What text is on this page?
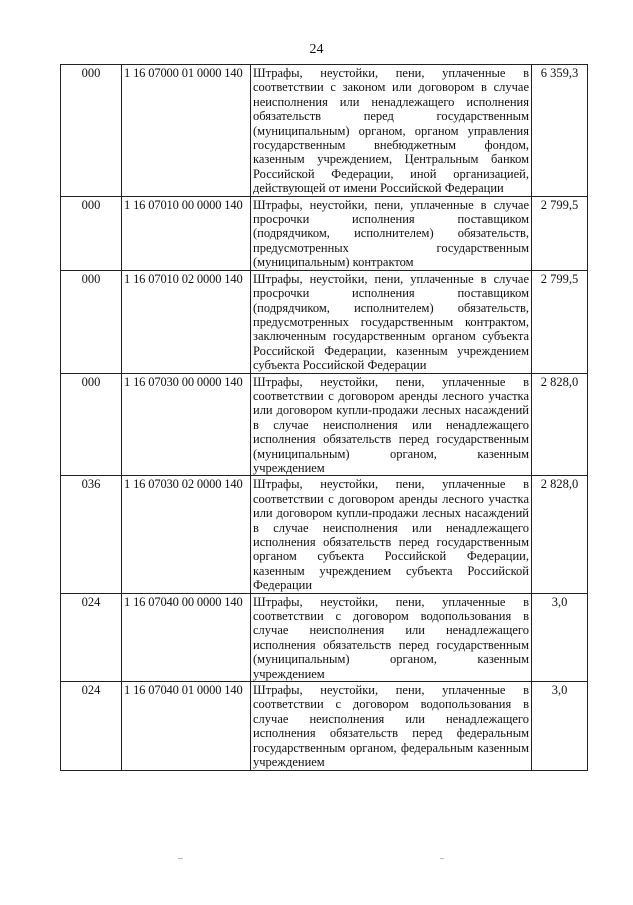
24
000	1 16 07000 01 0000 140	Штрафы, неустойки, пени, уплаченные в соответствии с законом или договором в случае неисполнения или ненадлежащего исполнения обязательств перед государственным (муниципальным) органом, органом управления государственным внебюджетным фондом, казенным учреждением, Центральным банком Российской Федерации, иной организацией, действующей от имени Российской Федерации	6 359,3
000	1 16 07010 00 0000 140	Штрафы, неустойки, пени, уплаченные в случае просрочки исполнения поставщиком (подрядчиком, исполнителем) обязательств, предусмотренных государственным (муниципальным) контрактом	2 799,5
000	1 16 07010 02 0000 140	Штрафы, неустойки, пени, уплаченные в случае просрочки исполнения поставщиком (подрядчиком, исполнителем) обязательств, предусмотренных государственным контрактом, заключенным государственным органом субъекта Российской Федерации, казенным учреждением субъекта Российской Федерации	2 799,5
000	1 16 07030 00 0000 140	Штрафы, неустойки, пени, уплаченные в соответствии с договором аренды лесного участка или договором купли-продажи лесных насаждений в случае неисполнения или ненадлежащего исполнения обязательств перед государственным (муниципальным) органом, казенным учреждением	2 828,0
036	1 16 07030 02 0000 140	Штрафы, неустойки, пени, уплаченные в соответствии с договором аренды лесного участка или договором купли-продажи лесных насаждений в случае неисполнения или ненадлежащего исполнения обязательств перед государственным органом субъекта Российской Федерации, казенным учреждением субъекта Российской Федерации	2 828,0
024	1 16 07040 00 0000 140	Штрафы, неустойки, пени, уплаченные в соответствии с договором водопользования в случае неисполнения или ненадлежащего исполнения обязательств перед государственным (муниципальным) органом, казенным учреждением	3,0
024	1 16 07040 01 0000 140	Штрафы, неустойки, пени, уплаченные в соответствии с договором водопользования в случае неисполнения или ненадлежащего исполнения обязательств перед федеральным государственным органом, федеральным казенным учреждением	3,0
